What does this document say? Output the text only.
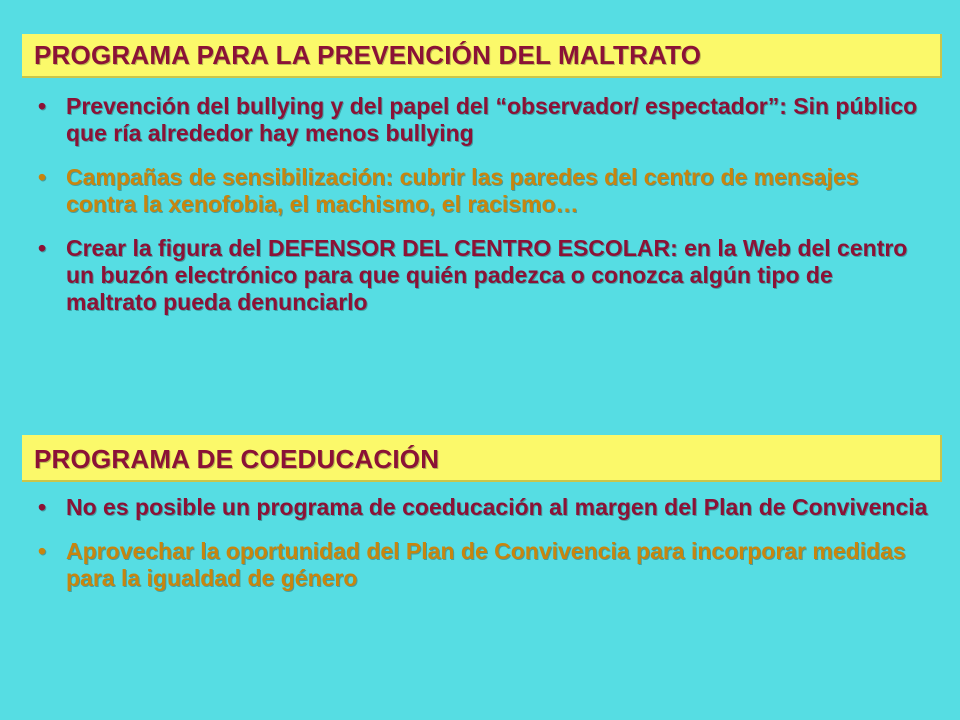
PROGRAMA PARA LA PREVENCIÓN DEL MALTRATO
• Prevención del bullying y del papel del “observador/ espectador”: Sin público que ría alrededor hay menos bullying
• Campañas de sensibilización: cubrir las paredes del centro de mensajes contra la xenofobia, el machismo, el racismo…
• Crear la figura del DEFENSOR DEL CENTRO ESCOLAR: en la Web del centro un buzón electrónico para que quién padezca o conozca algún tipo de maltrato pueda denunciarlo
PROGRAMA DE COEDUCACIÓN
• No es posible un programa de coeducación al margen del Plan de Convivencia
• Aprovechar la oportunidad del Plan de Convivencia para incorporar medidas para la igualdad de género
